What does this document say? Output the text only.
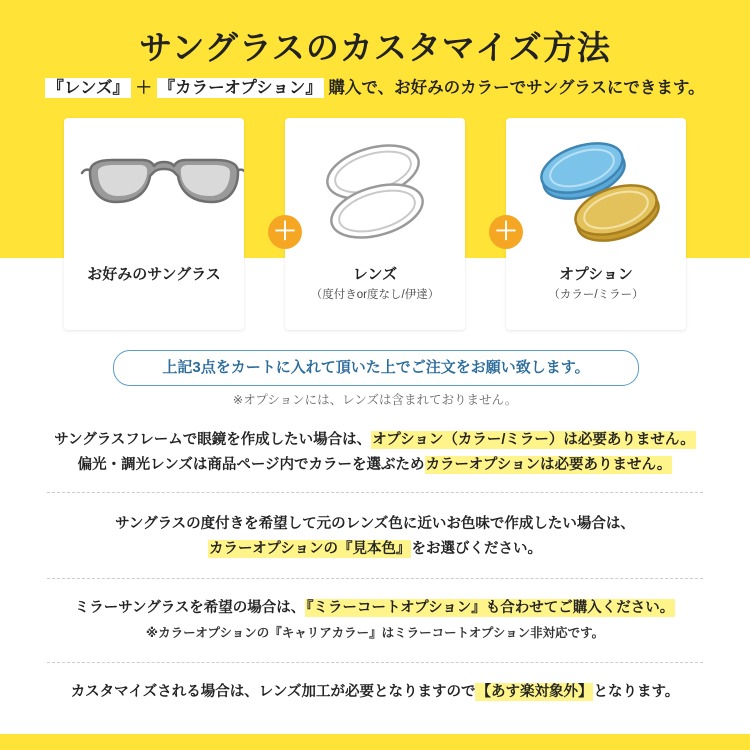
サングラスのカスタマイズ方法
『レンズ』 ＋ 『カラーオプション』 購入で、お好みのカラーでサングラスにできます。
お好みのサングラス	レンズ
（度付きor度なし/伊達）
オプション
（カラー/ミラー）
＋	＋
上記3点をカートに入れて頂いた上でご注文をお願い致します。
※オプションには、レンズは含まれておりません。
サングラスフレームで眼鏡を作成したい場合は、オプション（カラー/ミラー）は必要ありません。
偏光・調光レンズは商品ページ内でカラーを選ぶためカラーオプションは必要ありません。
サングラスの度付きを希望して元のレンズ色に近いお色味で作成したい場合は、
カラーオプションの『見本色』をお選びください。
ミラーサングラスを希望の場合は、『ミラーコートオプション』も合わせてご購入ください。
※カラーオプションの『キャリアカラー』はミラーコートオプション非対応です。
カスタマイズされる場合は、レンズ加工が必要となりますので【あす楽対象外】となります。
